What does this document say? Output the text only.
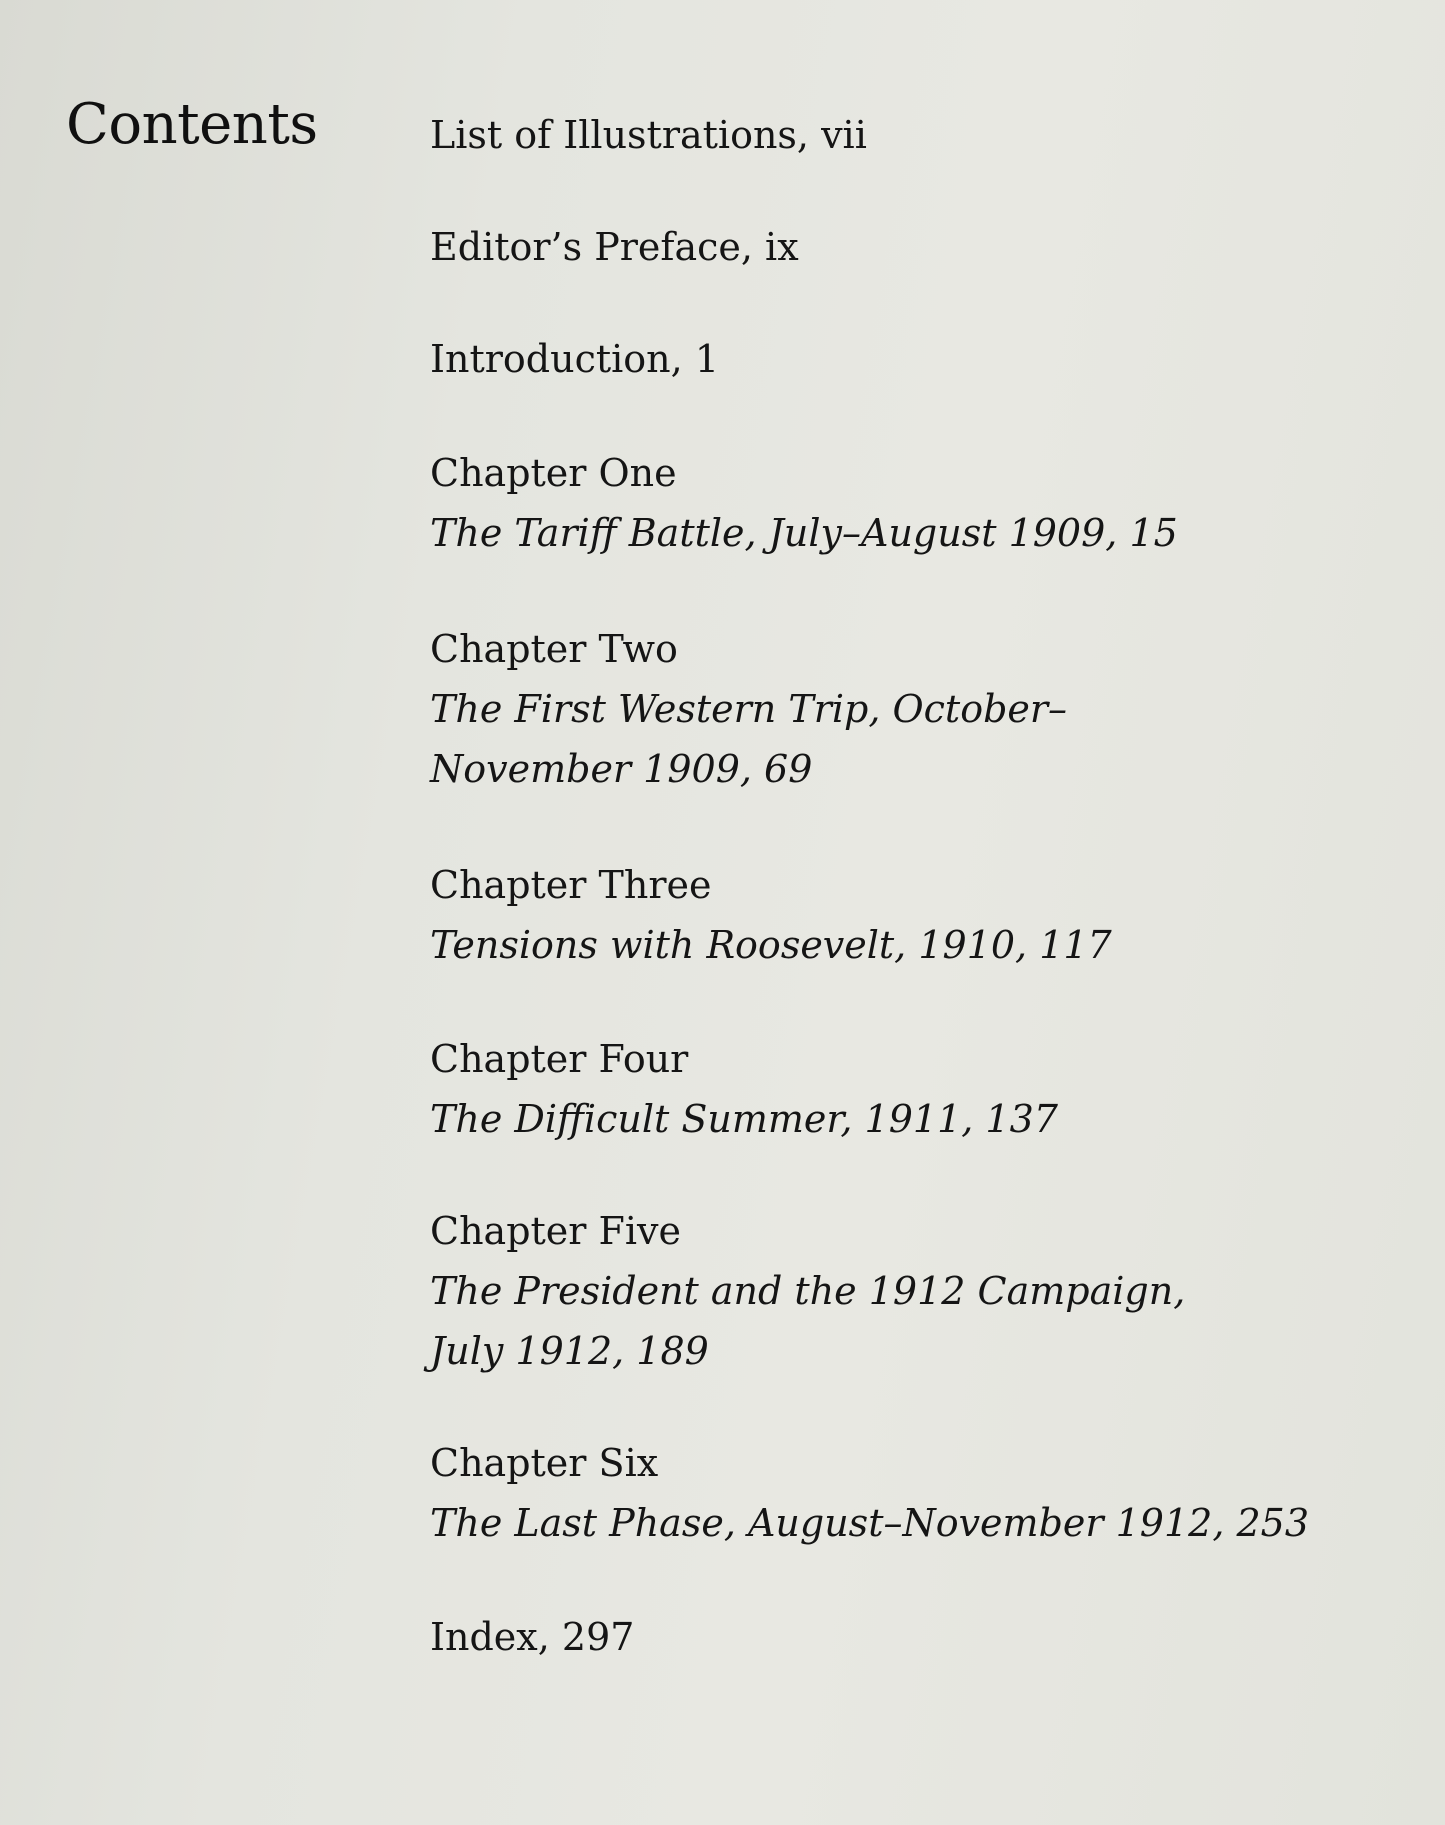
Contents	List of Illustrations, vii
Editor’s Preface, ix
Introduction, 1
Chapter One
The Tariff Battle, July–August 1909, 15
Chapter Two
The First Western Trip, October–November 1909, 69
Chapter Three
Tensions with Roosevelt, 1910, 117
Chapter Four
The Difficult Summer, 1911, 137
Chapter Five
The President and the 1912 Campaign, July 1912, 189
Chapter Six
The Last Phase, August–November 1912, 253
Index, 297
